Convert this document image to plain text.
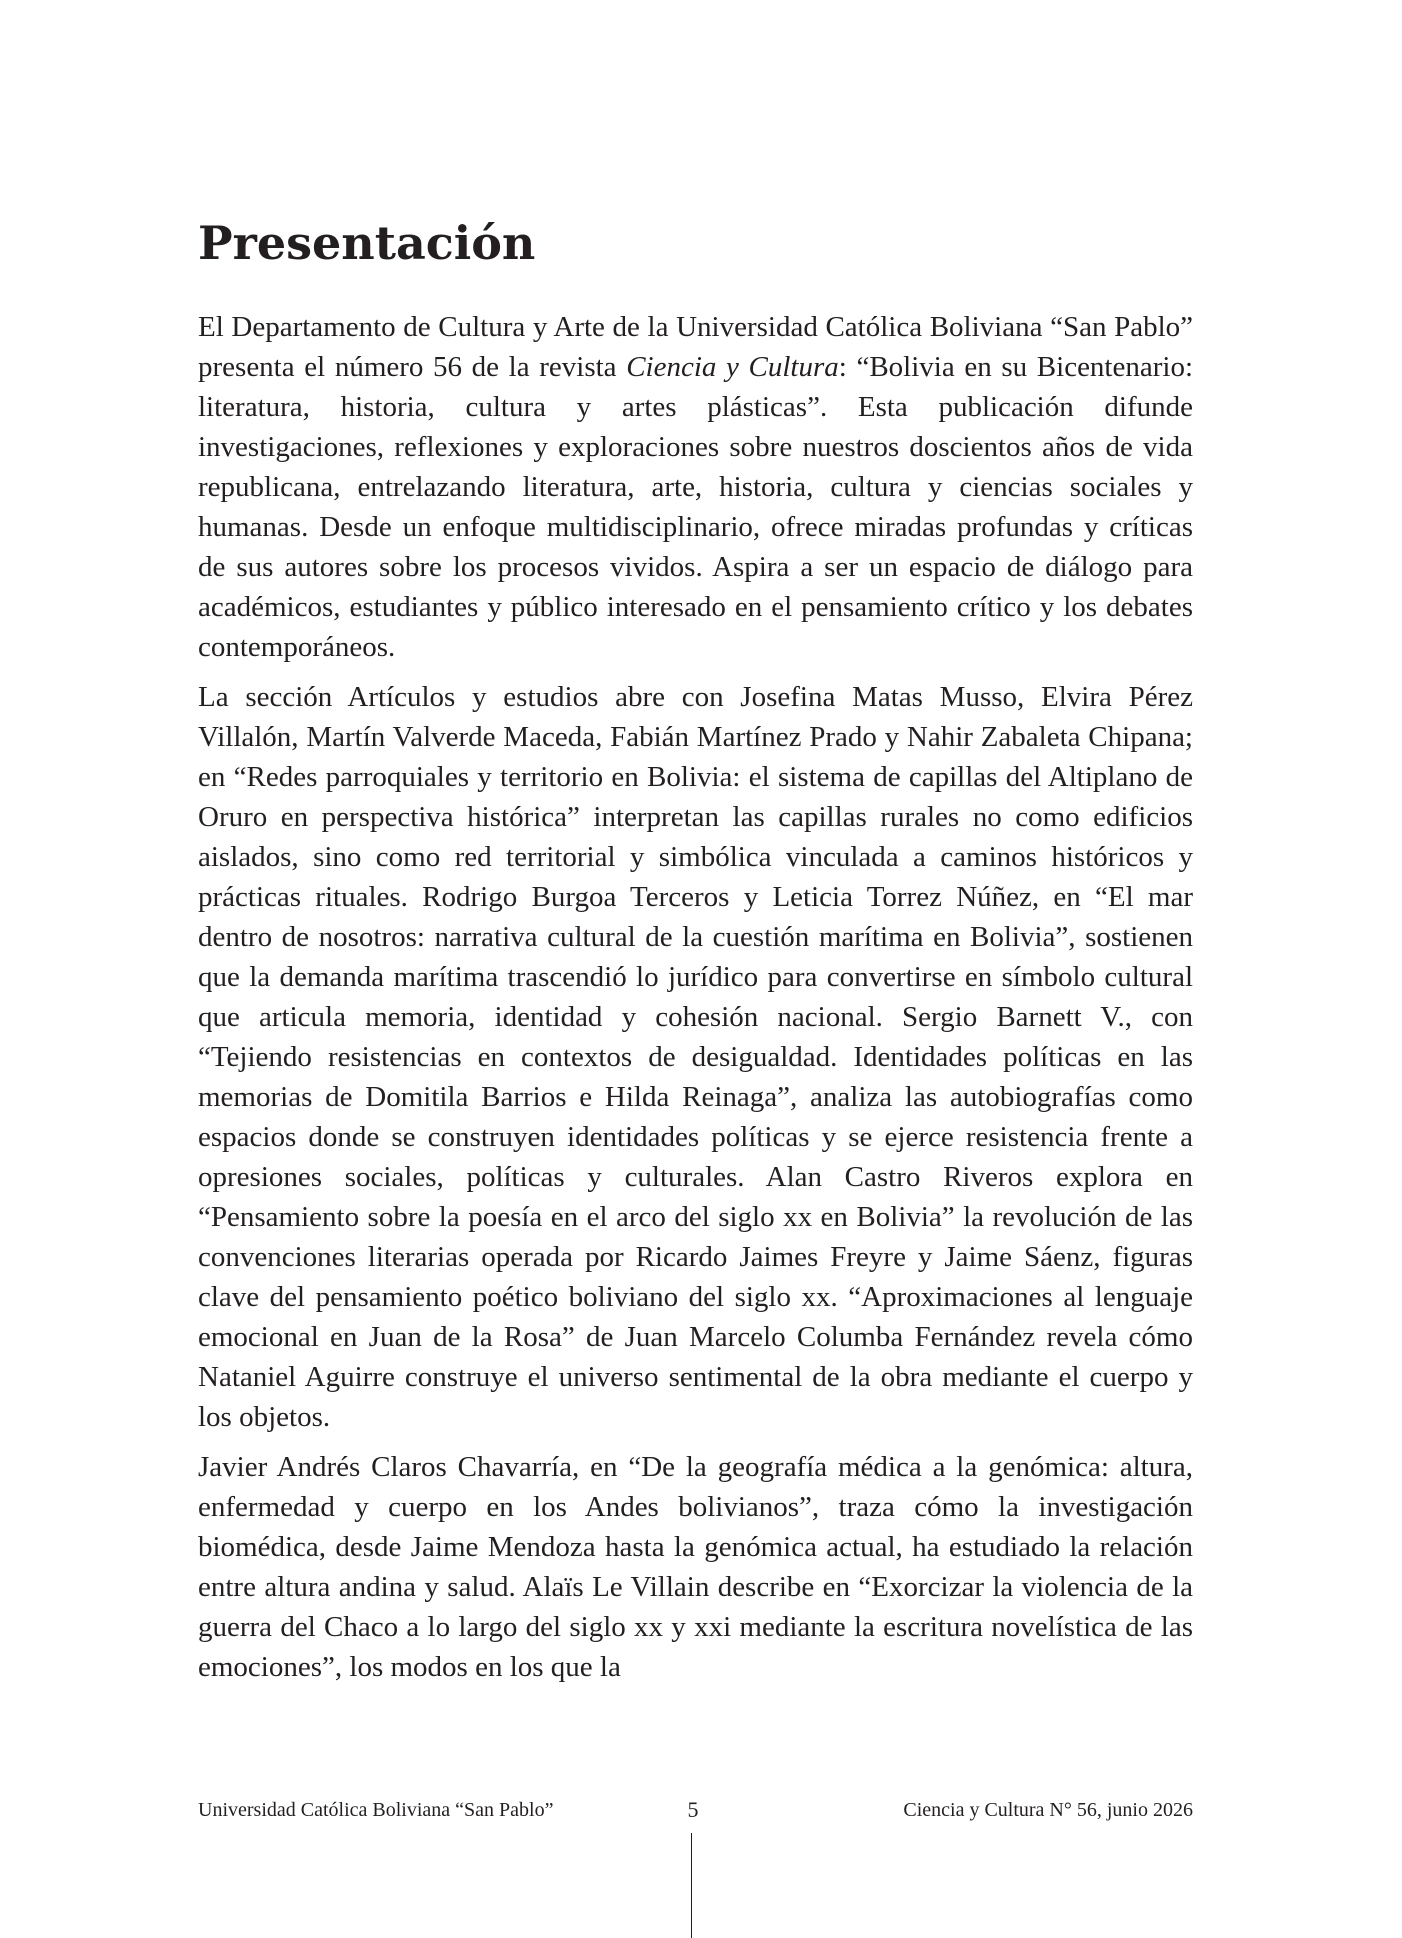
Presentación

El Departamento de Cultura y Arte de la Universidad Católica Boliviana “San Pablo” presenta el número 56 de la revista Ciencia y Cultura: “Bolivia en su Bicentenario: literatura, historia, cultura y artes plásticas”. Esta publicación difunde investigaciones, reflexiones y exploraciones sobre nuestros doscientos años de vida republicana, entrelazando literatura, arte, historia, cultura y ciencias sociales y humanas. Desde un enfoque multidisciplinario, ofrece miradas profundas y críticas de sus autores sobre los procesos vividos. Aspira a ser un espacio de diálogo para académicos, estudiantes y público interesado en el pensamiento crítico y los debates contemporáneos.

La sección Artículos y estudios abre con Josefina Matas Musso, Elvira Pérez Villalón, Martín Valverde Maceda, Fabián Martínez Prado y Nahir Zabaleta Chipana; en “Redes parroquiales y territorio en Bolivia: el sistema de capillas del Altiplano de Oruro en perspectiva histórica” interpretan las capillas rurales no como edificios aislados, sino como red territorial y simbólica vinculada a caminos históricos y prácticas rituales. Rodrigo Burgoa Terceros y Leticia Torrez Núñez, en “El mar dentro de nosotros: narrativa cultural de la cuestión marítima en Bolivia”, sostienen que la demanda marítima trascendió lo jurídico para convertirse en símbolo cultural que articula memoria, identidad y cohesión nacional. Sergio Barnett V., con “Tejiendo resistencias en contextos de desigualdad. Identidades políticas en las memorias de Domitila Barrios e Hilda Reinaga”, analiza las autobiografías como espacios donde se construyen identidades políticas y se ejerce resistencia frente a opresiones sociales, políticas y culturales. Alan Castro Riveros explora en “Pensamiento sobre la poesía en el arco del siglo xx en Bolivia” la revolución de las convenciones literarias operada por Ricardo Jaimes Freyre y Jaime Sáenz, figuras clave del pensamiento poético boliviano del siglo xx. “Aproximaciones al lenguaje emocional en Juan de la Rosa” de Juan Marcelo Columba Fernández revela cómo Nataniel Aguirre construye el universo sentimental de la obra mediante el cuerpo y los objetos.

Javier Andrés Claros Chavarría, en “De la geografía médica a la genómica: altura, enfermedad y cuerpo en los Andes bolivianos”, traza cómo la investigación biomédica, desde Jaime Mendoza hasta la genómica actual, ha estudiado la relación entre altura andina y salud. Alaïs Le Villain describe en “Exorcizar la violencia de la guerra del Chaco a lo largo del siglo xx y xxi mediante la escritura novelística de las emociones”, los modos en los que la

Universidad Católica Boliviana “San Pablo”	5	Ciencia y Cultura N° 56, junio 2026
